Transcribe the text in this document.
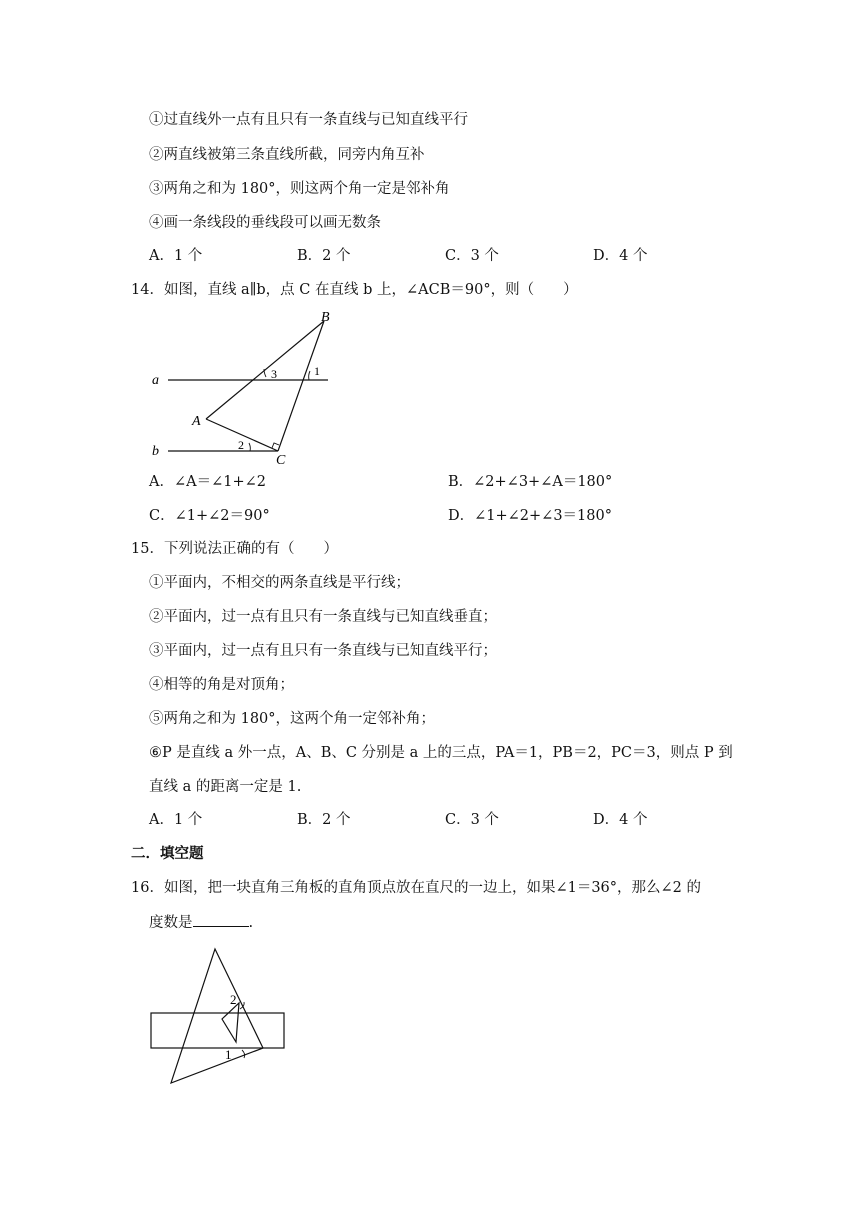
①过直线外一点有且只有一条直线与已知直线平行
②两直线被第三条直线所截，同旁内角互补
③两角之和为 180°，则这两个角一定是邻补角
④画一条线段的垂线段可以画无数条
A．1 个	B．2 个	C．3 个	D．4 个
14．如图，直线 a∥b，点 C 在直线 b 上，∠ACB＝90°，则（　　）
a
b
A
B
C
1
2
3
A．∠A＝∠1+∠2	B．∠2+∠3+∠A＝180°
C．∠1+∠2＝90°	D．∠1+∠2+∠3＝180°
15．下列说法正确的有（　　）
①平面内，不相交的两条直线是平行线；
②平面内，过一点有且只有一条直线与已知直线垂直；
③平面内，过一点有且只有一条直线与已知直线平行；
④相等的角是对顶角；
⑤两角之和为 180°，这两个角一定邻补角；
⑥P 是直线 a 外一点，A、B、C 分别是 a 上的三点，PA＝1，PB＝2，PC＝3，则点 P 到
直线 a 的距离一定是 1.
A．1 个	B．2 个	C．3 个	D．4 个
二．填空题
16．如图，把一块直角三角板的直角顶点放在直尺的一边上，如果∠1＝36°，那么∠2 的
度数是	.
2
1
